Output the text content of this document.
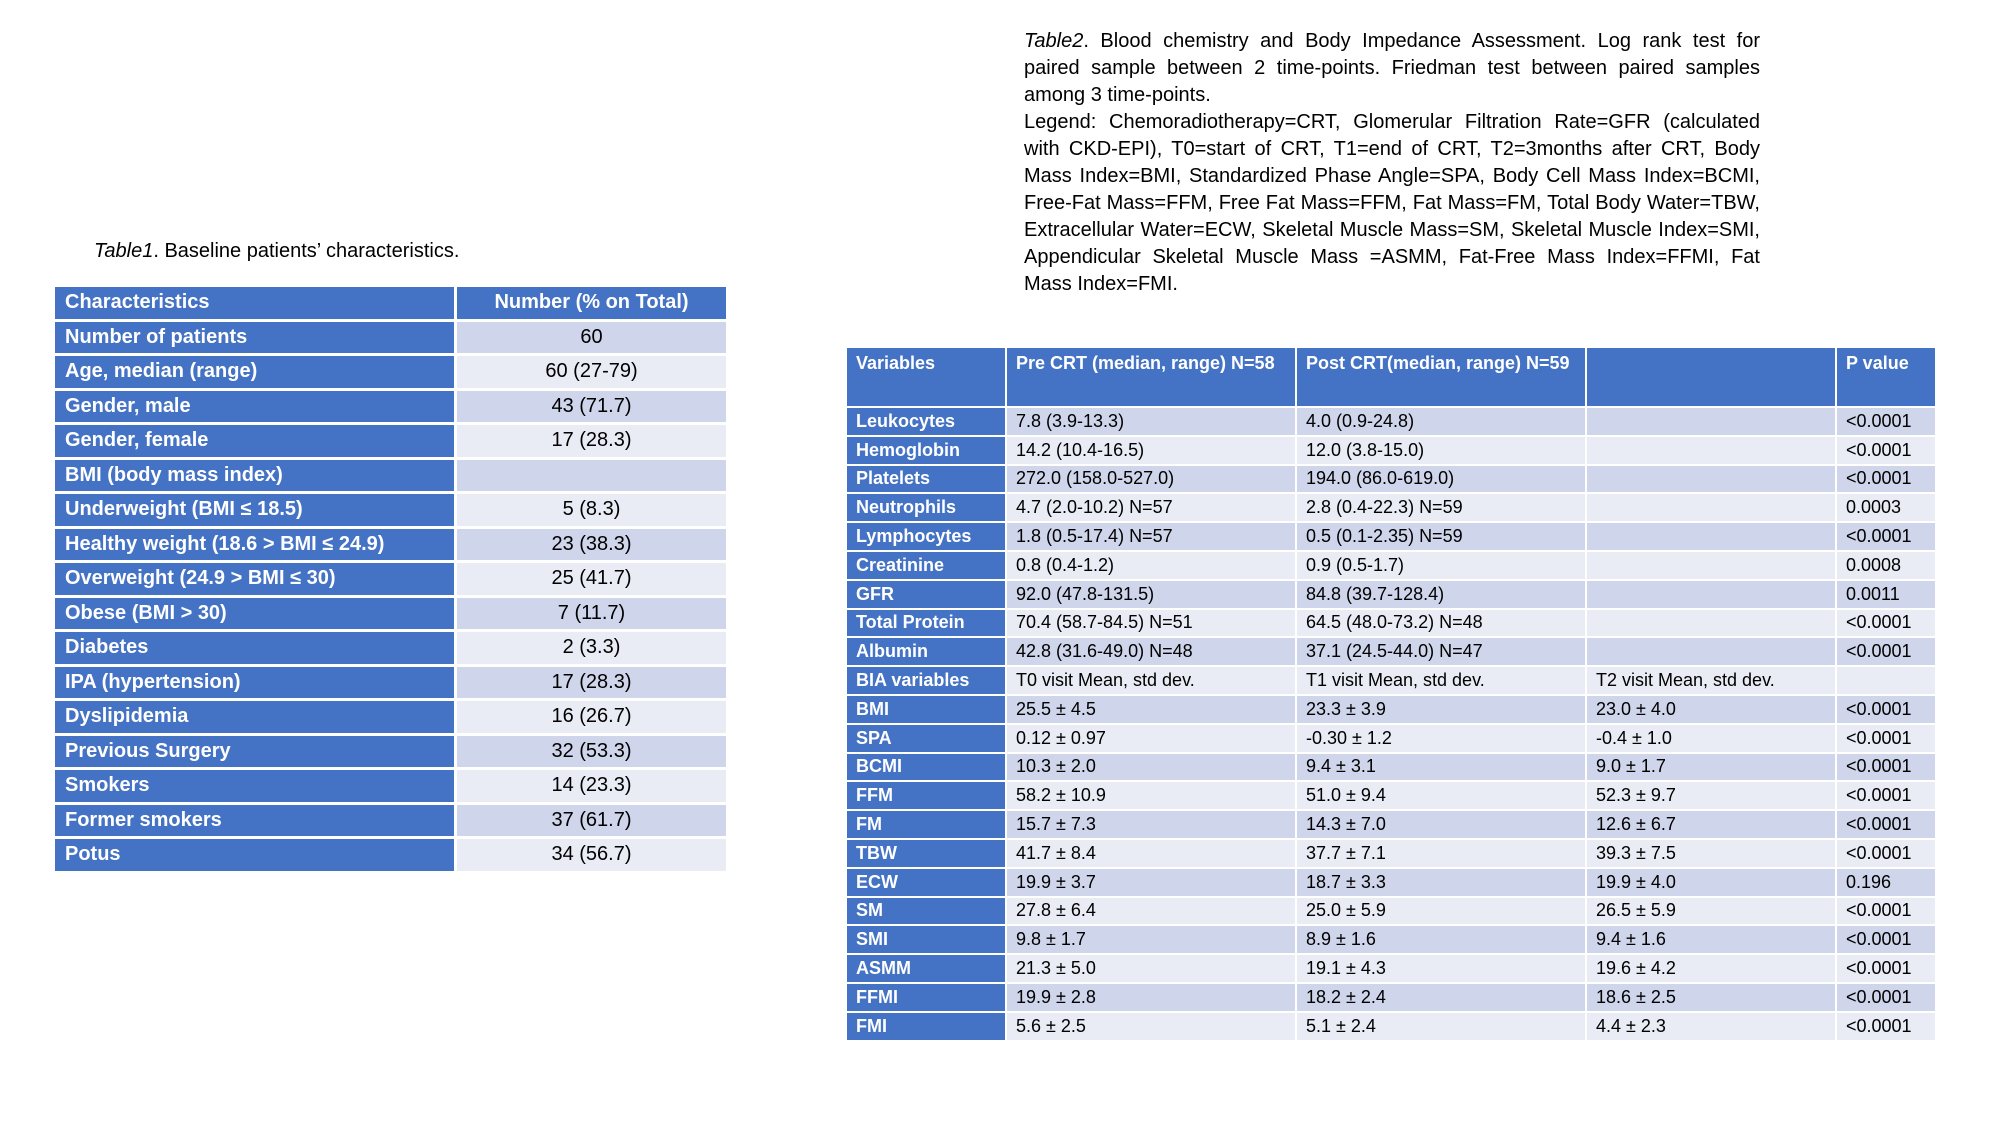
Table1. Baseline patients’ characteristics.
Characteristics	Number (% on Total)
Number of patients	60
Age, median (range)	60 (27-79)
Gender, male	43 (71.7)
Gender, female	17 (28.3)
BMI (body mass index)	
Underweight (BMI ≤ 18.5)	5 (8.3)
Healthy weight (18.6 > BMI ≤ 24.9)	23 (38.3)
Overweight (24.9 > BMI ≤ 30)	25 (41.7)
Obese (BMI > 30)	7 (11.7)
Diabetes	2 (3.3)
IPA (hypertension)	17 (28.3)
Dyslipidemia	16 (26.7)
Previous Surgery	32 (53.3)
Smokers	14 (23.3)
Former smokers	37 (61.7)
Potus	34 (56.7)

Table2. Blood chemistry and Body Impedance Assessment. Log rank test for paired sample between 2 time-points. Friedman test between paired samples among 3 time-points.

Legend: Chemoradiotherapy=CRT, Glomerular Filtration Rate=GFR (calculated with CKD-EPI), T0=start of CRT, T1=end of CRT, T2=3months after CRT, Body Mass Index=BMI, Standardized Phase Angle=SPA, Body Cell Mass Index=BCMI, Free-Fat Mass=FFM, Free Fat Mass=FFM, Fat Mass=FM, Total Body Water=TBW, Extracellular Water=ECW, Skeletal Muscle Mass=SM, Skeletal Muscle Index=SMI, Appendicular Skeletal Muscle Mass =ASMM, Fat-Free Mass Index=FFMI, Fat Mass Index=FMI.

Variables	Pre CRT (median, range) N=58	Post CRT(median, range) N=59		P value
Leukocytes	7.8 (3.9-13.3)	4.0 (0.9-24.8)		<0.0001
Hemoglobin	14.2 (10.4-16.5)	12.0 (3.8-15.0)		<0.0001
Platelets	272.0 (158.0-527.0)	194.0 (86.0-619.0)		<0.0001
Neutrophils	4.7 (2.0-10.2) N=57	2.8 (0.4-22.3) N=59		0.0003
Lymphocytes	1.8 (0.5-17.4) N=57	0.5 (0.1-2.35) N=59		<0.0001
Creatinine	0.8 (0.4-1.2)	0.9 (0.5-1.7)		0.0008
GFR	92.0 (47.8-131.5)	84.8 (39.7-128.4)		0.0011
Total Protein	70.4 (58.7-84.5) N=51	64.5 (48.0-73.2) N=48		<0.0001
Albumin	42.8 (31.6-49.0) N=48	37.1 (24.5-44.0) N=47		<0.0001
BIA variables	T0 visit Mean, std dev.	T1 visit Mean, std dev.	T2 visit Mean, std dev.	
BMI	25.5 ± 4.5	23.3 ± 3.9	23.0 ± 4.0	<0.0001
SPA	0.12 ± 0.97	-0.30 ± 1.2	-0.4 ± 1.0	<0.0001
BCMI	10.3 ± 2.0	9.4 ± 3.1	9.0 ± 1.7	<0.0001
FFM	58.2 ± 10.9	51.0 ± 9.4	52.3 ± 9.7	<0.0001
FM	15.7 ± 7.3	14.3 ± 7.0	12.6 ± 6.7	<0.0001
TBW	41.7 ± 8.4	37.7 ± 7.1	39.3 ± 7.5	<0.0001
ECW	19.9 ± 3.7	18.7 ± 3.3	19.9 ± 4.0	0.196
SM	27.8 ± 6.4	25.0 ± 5.9	26.5 ± 5.9	<0.0001
SMI	9.8 ± 1.7	8.9 ± 1.6	9.4 ± 1.6	<0.0001
ASMM	21.3 ± 5.0	19.1 ± 4.3	19.6 ± 4.2	<0.0001
FFMI	19.9 ± 2.8	18.2 ± 2.4	18.6 ± 2.5	<0.0001
FMI	5.6 ± 2.5	5.1 ± 2.4	4.4 ± 2.3	<0.0001
